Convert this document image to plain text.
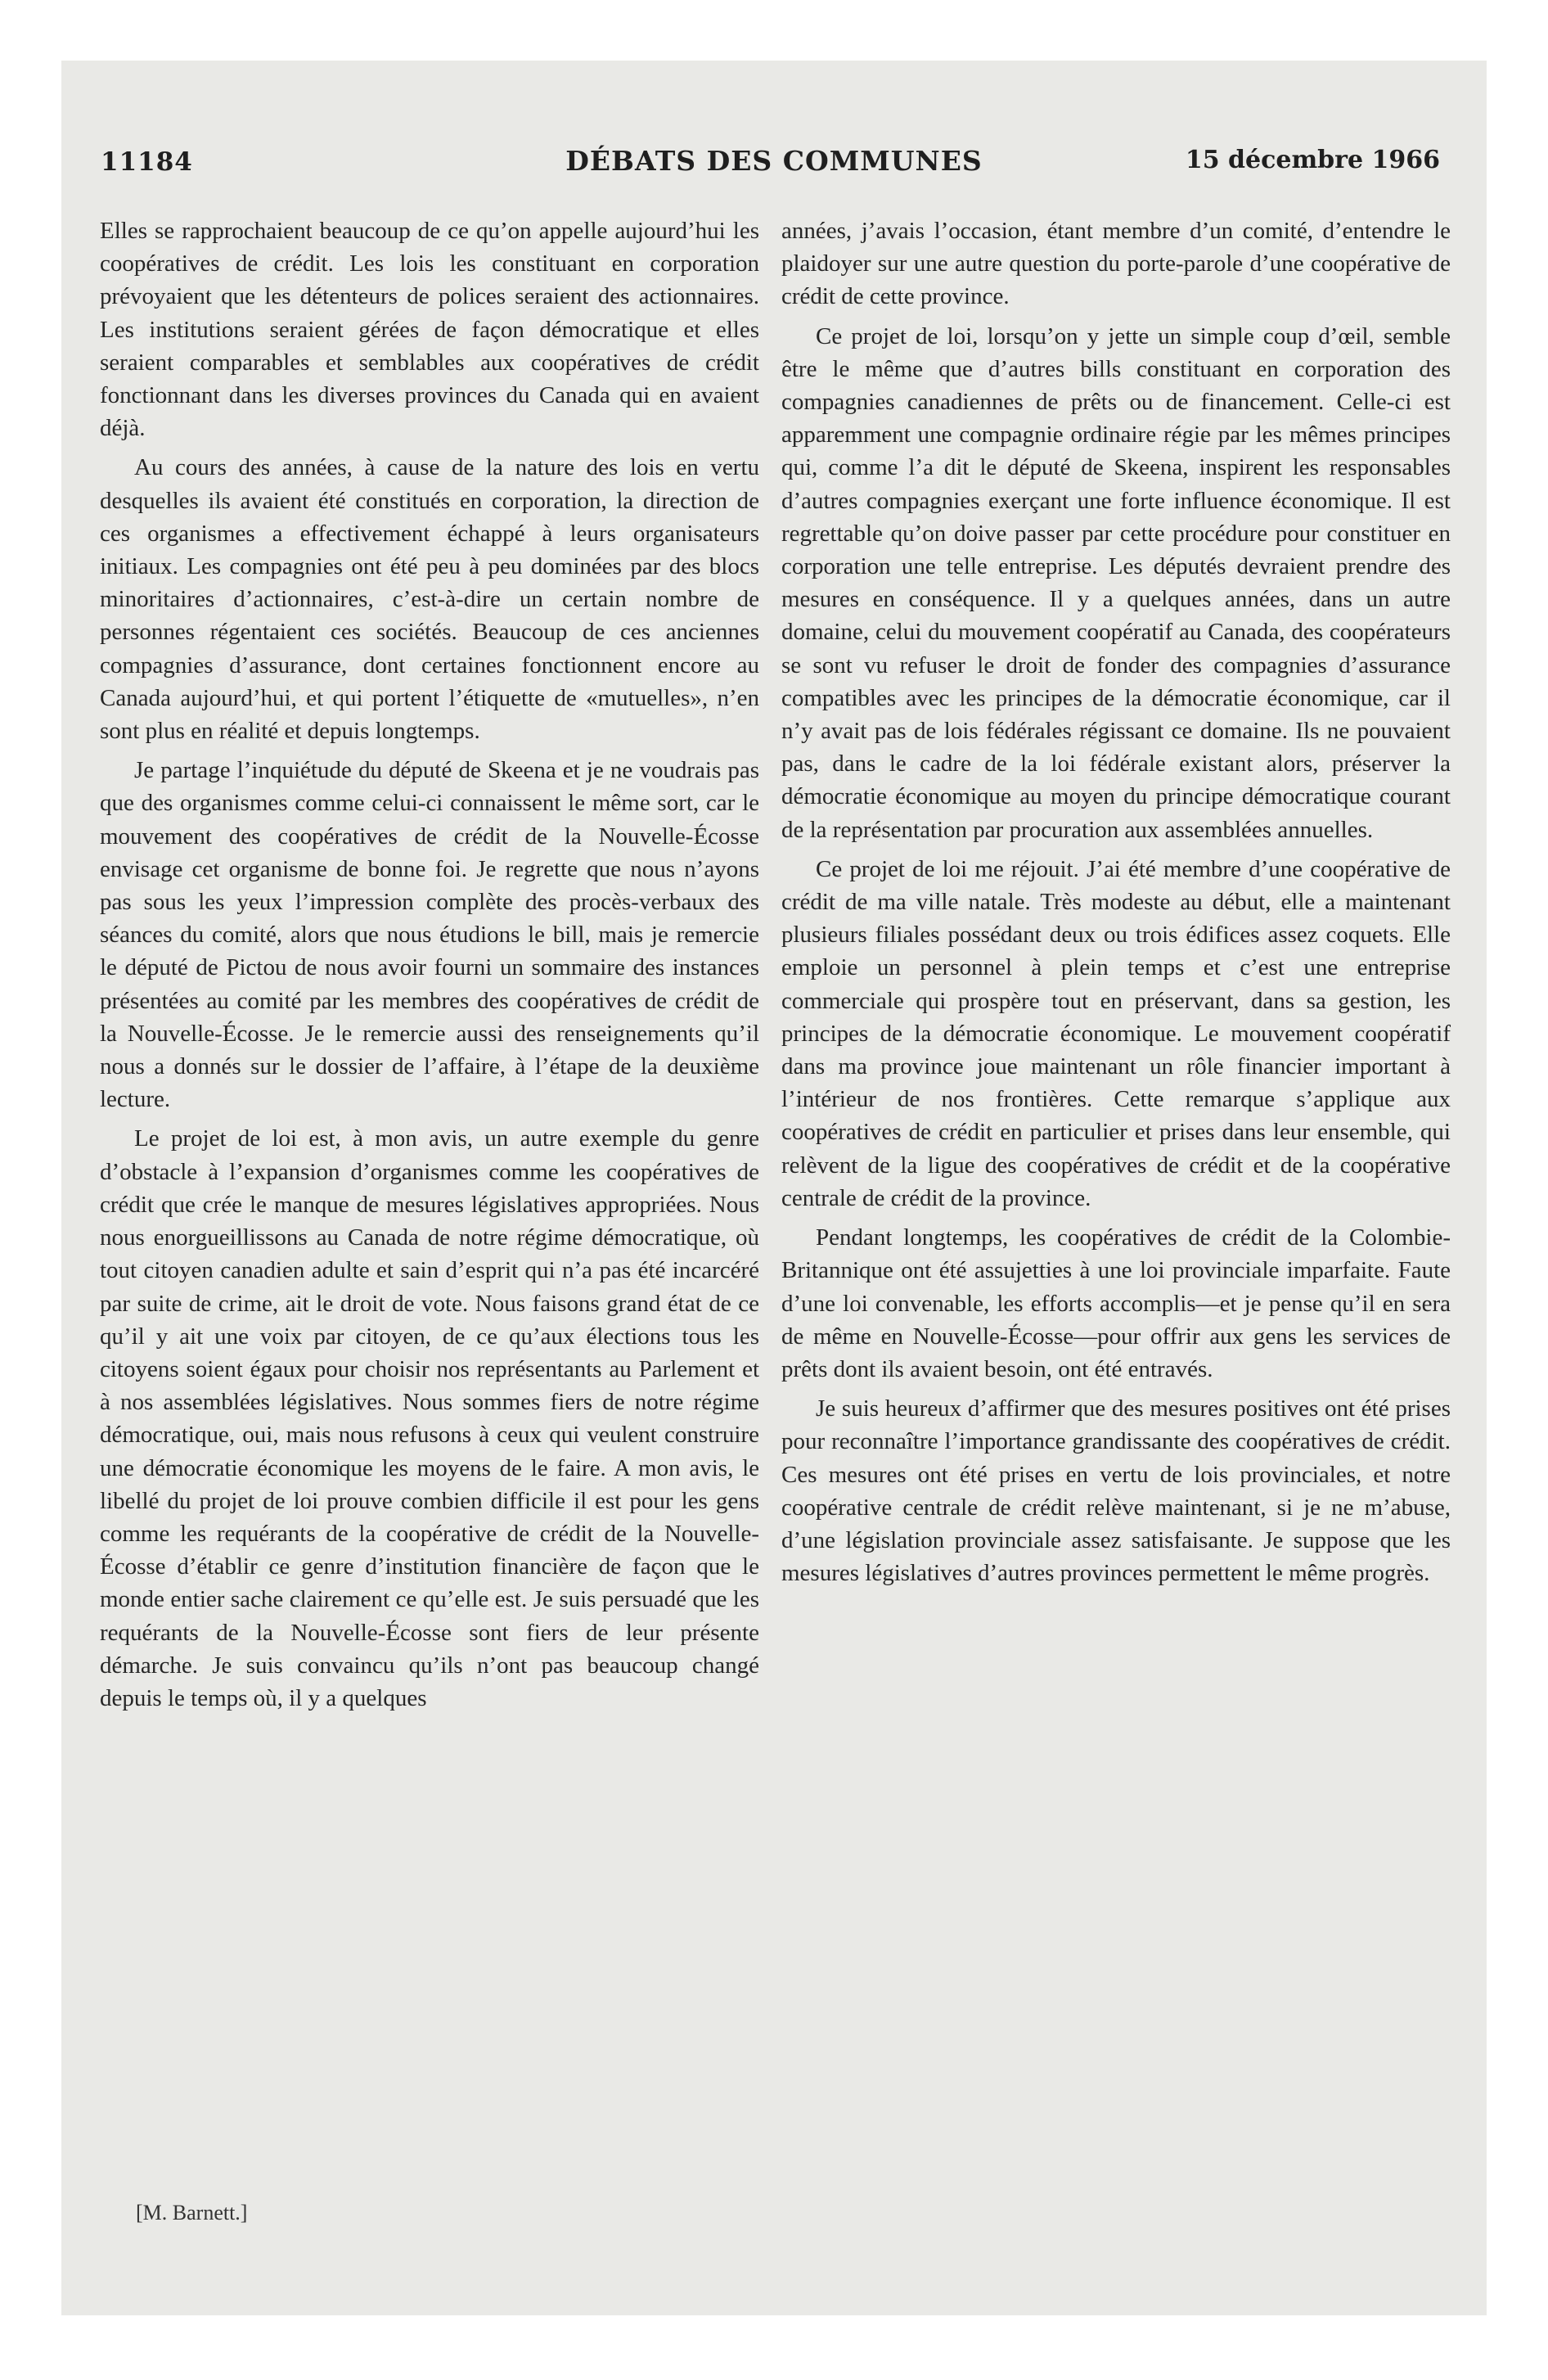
11184	DÉBATS DES COMMUNES	15 décembre 1966

Elles se rapprochaient beaucoup de ce qu’on appelle aujourd’hui les coopératives de crédit. Les lois les constituant en corporation prévoyaient que les détenteurs de polices seraient des actionnaires. Les institutions seraient gérées de façon démocratique et elles seraient comparables et semblables aux coopératives de crédit fonctionnant dans les diverses provinces du Canada qui en avaient déjà.

Au cours des années, à cause de la nature des lois en vertu desquelles ils avaient été constitués en corporation, la direction de ces organismes a effectivement échappé à leurs organisateurs initiaux. Les compagnies ont été peu à peu dominées par des blocs minoritaires d’actionnaires, c’est-à-dire un certain nombre de personnes régentaient ces sociétés. Beaucoup de ces anciennes compagnies d’assurance, dont certaines fonctionnent encore au Canada aujourd’hui, et qui portent l’étiquette de «mutuelles», n’en sont plus en réalité et depuis longtemps.

Je partage l’inquiétude du député de Skeena et je ne voudrais pas que des organismes comme celui-ci connaissent le même sort, car le mouvement des coopératives de crédit de la Nouvelle-Écosse envisage cet organisme de bonne foi. Je regrette que nous n’ayons pas sous les yeux l’impression complète des procès-verbaux des séances du comité, alors que nous étudions le bill, mais je remercie le député de Pictou de nous avoir fourni un sommaire des instances présentées au comité par les membres des coopératives de crédit de la Nouvelle-Écosse. Je le remercie aussi des renseignements qu’il nous a donnés sur le dossier de l’affaire, à l’étape de la deuxième lecture.

Le projet de loi est, à mon avis, un autre exemple du genre d’obstacle à l’expansion d’organismes comme les coopératives de crédit que crée le manque de mesures législatives appropriées. Nous nous enorgueillissons au Canada de notre régime démocratique, où tout citoyen canadien adulte et sain d’esprit qui n’a pas été incarcéré par suite de crime, ait le droit de vote. Nous faisons grand état de ce qu’il y ait une voix par citoyen, de ce qu’aux élections tous les citoyens soient égaux pour choisir nos représentants au Parlement et à nos assemblées législatives. Nous sommes fiers de notre régime démocratique, oui, mais nous refusons à ceux qui veulent construire une démocratie économique les moyens de le faire. A mon avis, le libellé du projet de loi prouve combien difficile il est pour les gens comme les requérants de la coopérative de crédit de la Nouvelle-Écosse d’établir ce genre d’institution financière de façon que le monde entier sache clairement ce qu’elle est. Je suis persuadé que les requérants de la Nouvelle-Écosse sont fiers de leur présente démarche. Je suis convaincu qu’ils n’ont pas beaucoup changé depuis le temps où, il y a quelques

années, j’avais l’occasion, étant membre d’un comité, d’entendre le plaidoyer sur une autre question du porte-parole d’une coopérative de crédit de cette province.

Ce projet de loi, lorsqu’on y jette un simple coup d’œil, semble être le même que d’autres bills constituant en corporation des compagnies canadiennes de prêts ou de financement. Celle-ci est apparemment une compagnie ordinaire régie par les mêmes principes qui, comme l’a dit le député de Skeena, inspirent les responsables d’autres compagnies exerçant une forte influence économique. Il est regrettable qu’on doive passer par cette procédure pour constituer en corporation une telle entreprise. Les députés devraient prendre des mesures en conséquence. Il y a quelques années, dans un autre domaine, celui du mouvement coopératif au Canada, des coopérateurs se sont vu refuser le droit de fonder des compagnies d’assurance compatibles avec les principes de la démocratie économique, car il n’y avait pas de lois fédérales régissant ce domaine. Ils ne pouvaient pas, dans le cadre de la loi fédérale existant alors, préserver la démocratie économique au moyen du principe démocratique courant de la représentation par procuration aux assemblées annuelles.

Ce projet de loi me réjouit. J’ai été membre d’une coopérative de crédit de ma ville natale. Très modeste au début, elle a maintenant plusieurs filiales possédant deux ou trois édifices assez coquets. Elle emploie un personnel à plein temps et c’est une entreprise commerciale qui prospère tout en préservant, dans sa gestion, les principes de la démocratie économique. Le mouvement coopératif dans ma province joue maintenant un rôle financier important à l’intérieur de nos frontières. Cette remarque s’applique aux coopératives de crédit en particulier et prises dans leur ensemble, qui relèvent de la ligue des coopératives de crédit et de la coopérative centrale de crédit de la province.

Pendant longtemps, les coopératives de crédit de la Colombie-Britannique ont été assujetties à une loi provinciale imparfaite. Faute d’une loi convenable, les efforts accomplis—et je pense qu’il en sera de même en Nouvelle-Écosse—pour offrir aux gens les services de prêts dont ils avaient besoin, ont été entravés.

Je suis heureux d’affirmer que des mesures positives ont été prises pour reconnaître l’importance grandissante des coopératives de crédit. Ces mesures ont été prises en vertu de lois provinciales, et notre coopérative centrale de crédit relève maintenant, si je ne m’abuse, d’une législation provinciale assez satisfaisante. Je suppose que les mesures législatives d’autres provinces permettent le même progrès.

[M. Barnett.]
